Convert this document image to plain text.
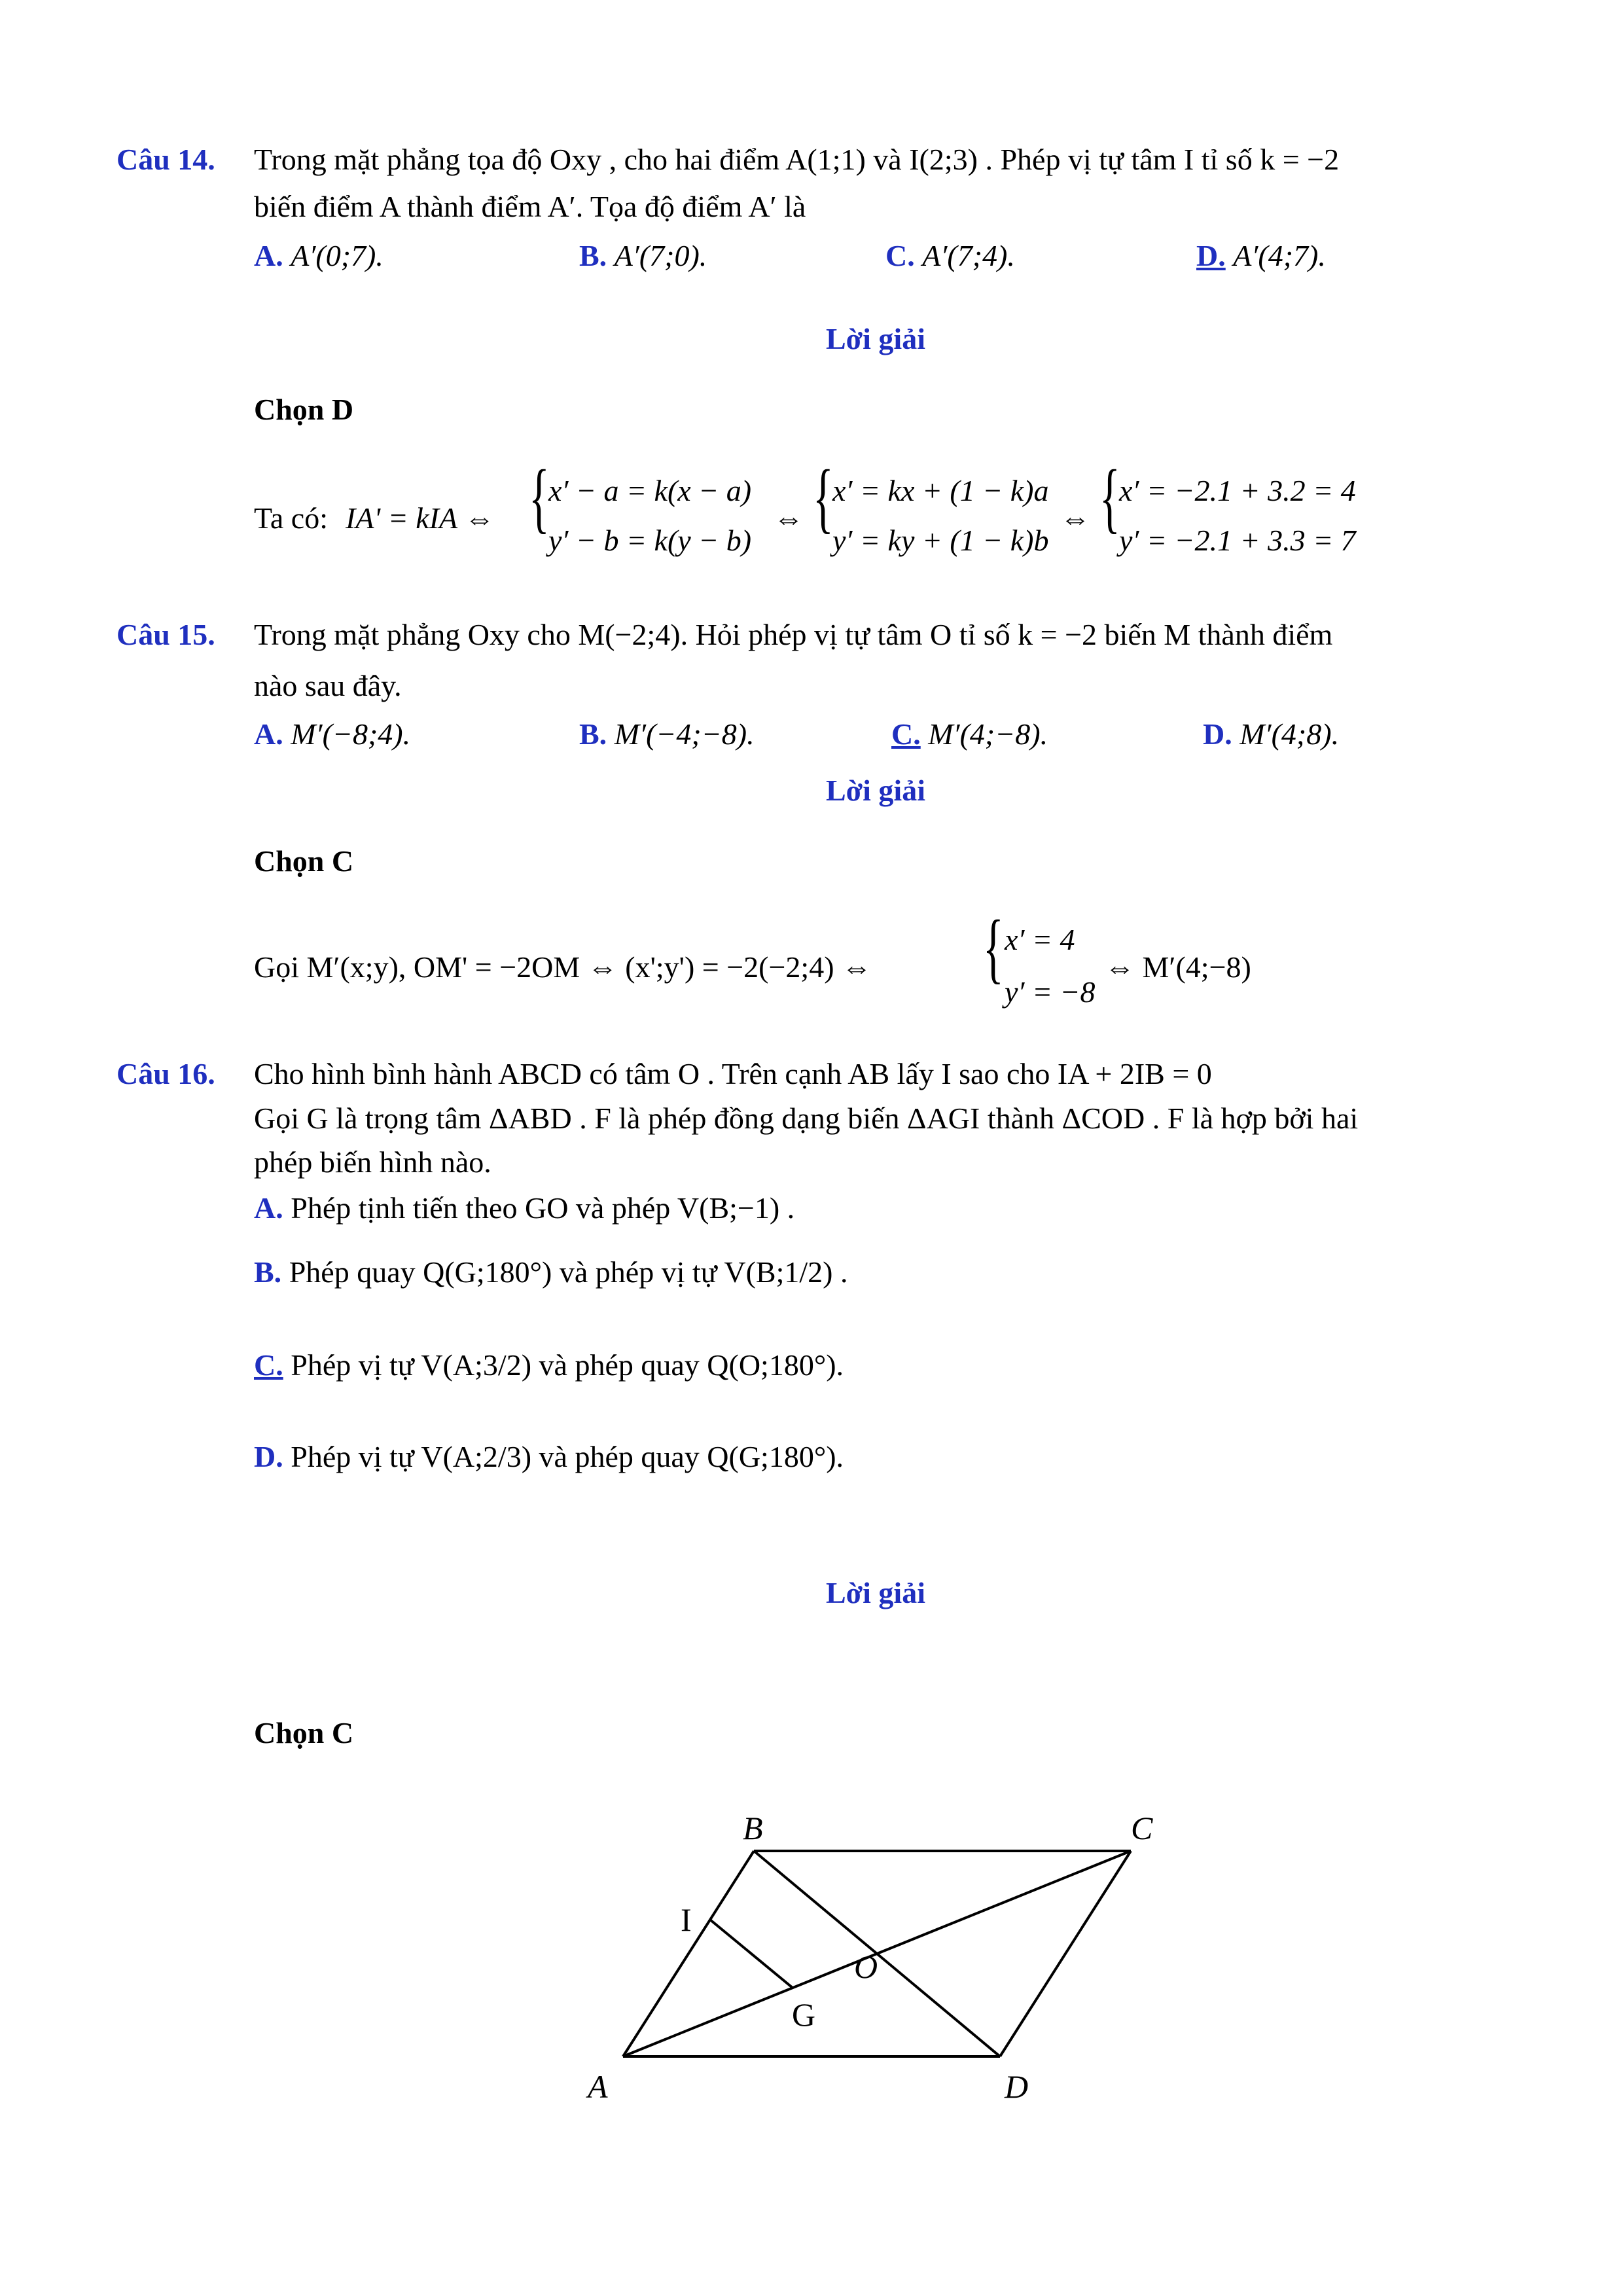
Câu 14. Trong mặt phẳng tọa độ Oxy , cho hai điểm A(1;1) và I(2;3) . Phép vị tự tâm I tỉ số k = −2
biến điểm A thành điểm A′. Tọa độ điểm A′ là
A. A′(0;7).	B. A′(7;0).	C. A′(7;4).	D. A′(4;7).
Lời giải
Chọn D
Ta có: IA' = kIA ⇔ {
x′ − a = k(x − a)
y′ − b = k(y − b)
⇔ {
x′ = kx + (1 − k)a
y′ = ky + (1 − k)b
⇔ {
x′ = −2.1 + 3.2 = 4
y′ = −2.1 + 3.3 = 7
Câu 15. Trong mặt phẳng Oxy cho M(−2;4). Hỏi phép vị tự tâm O tỉ số k = −2 biến M thành điểm
nào sau đây.
A. M′(−8;4).	B. M′(−4;−8).	C. M′(4;−8).	D. M′(4;8).
Lời giải
Chọn C
Gọi M′(x;y), OM' = −2OM ⇔ (x';y') = −2(−2;4) ⇔ { x′ = 4
y′ = −8
⇔ M′(4;−8)
Câu 16. Cho hình bình hành ABCD có tâm O . Trên cạnh AB lấy I sao cho IA + 2IB = 0
Gọi G là trọng tâm ΔABD . F là phép đồng dạng biến ΔAGI thành ΔCOD . F là hợp bởi hai
phép biến hình nào.
A. Phép tịnh tiến theo GO và phép V(B;−1) .
B. Phép quay Q(G;180°) và phép vị tự V(B;1/2) .
C. Phép vị tự V(A;3/2) và phép quay Q(O;180°).
D. Phép vị tự V(A;2/3) và phép quay Q(G;180°).
Lời giải
Chọn C
B	C
A	D
I
O
G
